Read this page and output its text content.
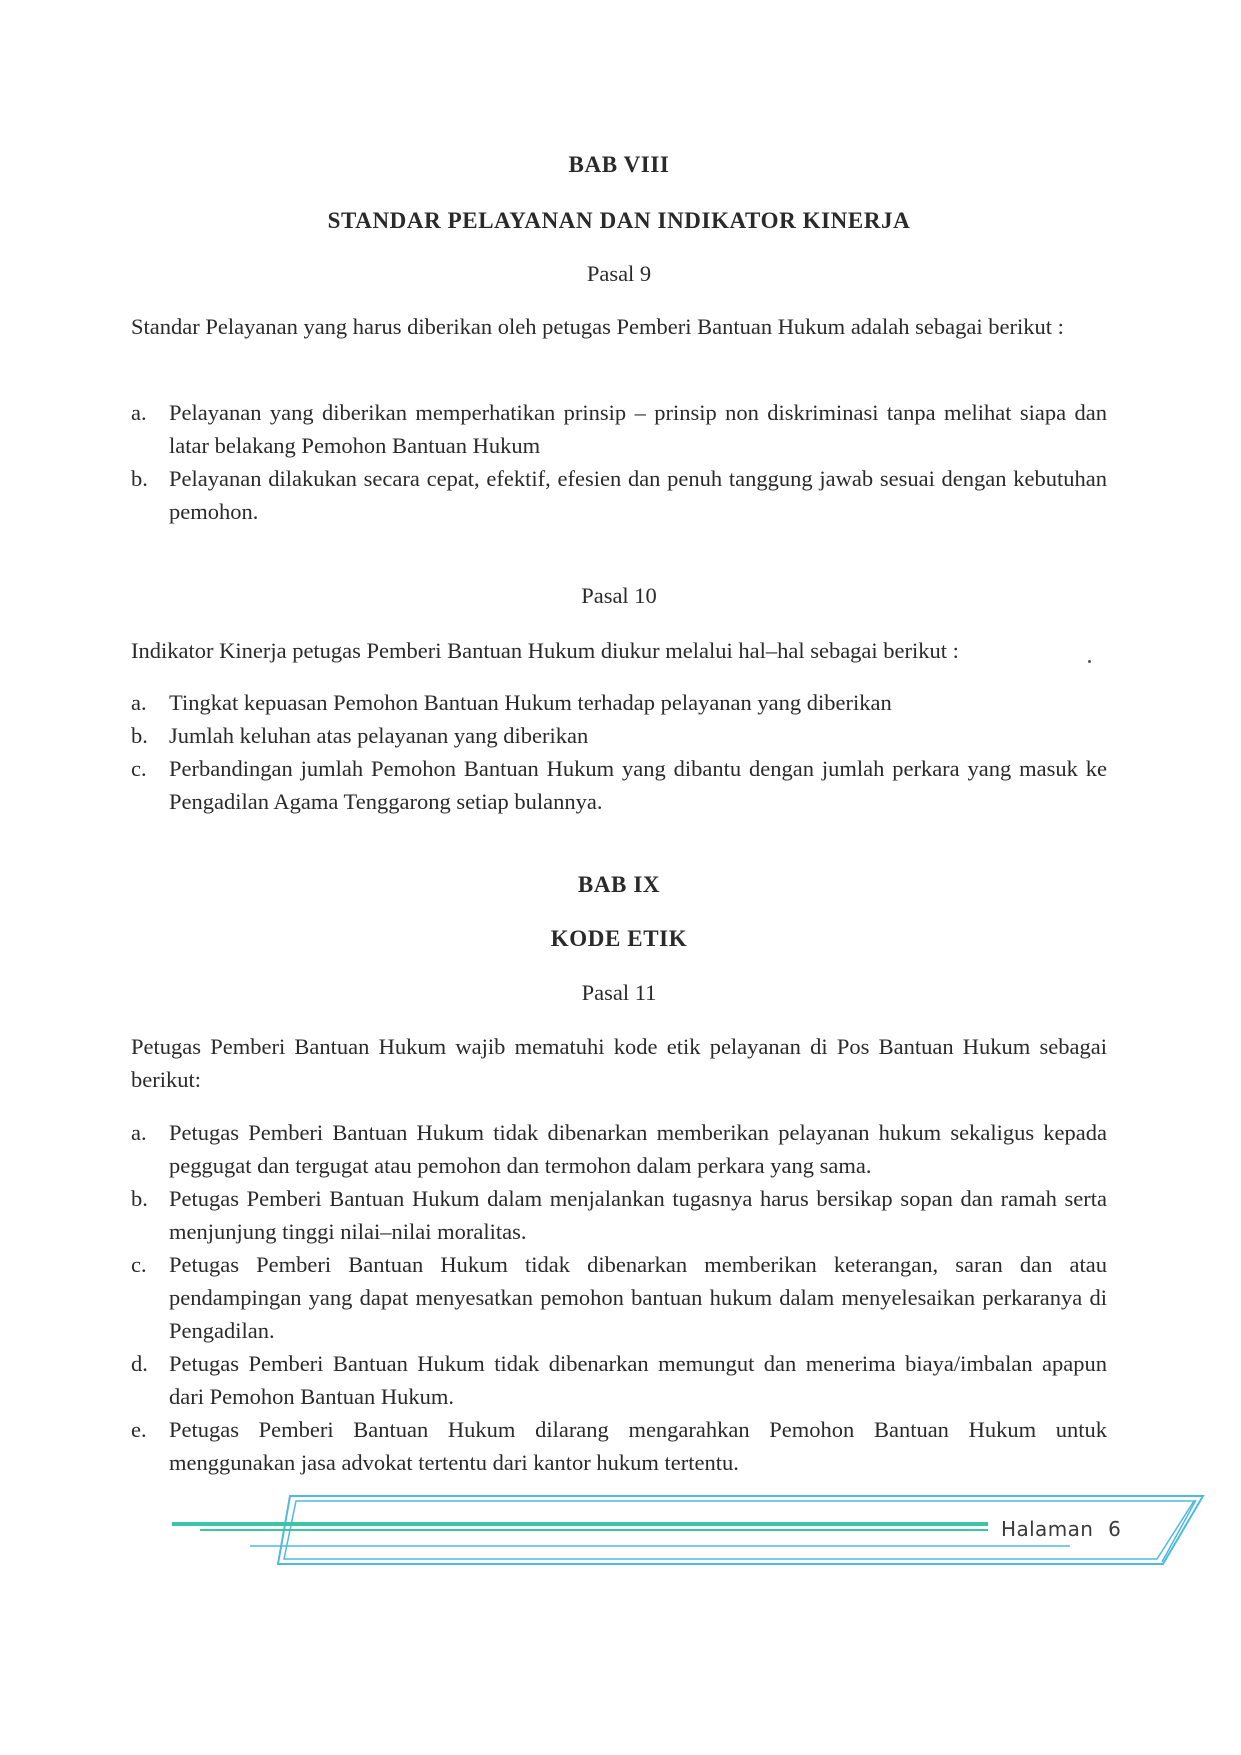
BAB VIII
STANDAR PELAYANAN DAN INDIKATOR KINERJA
Pasal 9
Standar Pelayanan yang harus diberikan oleh petugas Pemberi Bantuan Hukum adalah sebagai berikut :
a. Pelayanan yang diberikan memperhatikan prinsip – prinsip non diskriminasi tanpa melihat siapa dan latar belakang Pemohon Bantuan Hukum
b. Pelayanan dilakukan secara cepat, efektif, efesien dan penuh tanggung jawab sesuai dengan kebutuhan pemohon.
Pasal 10
Indikator Kinerja petugas Pemberi Bantuan Hukum diukur melalui hal–hal sebagai berikut :
a. Tingkat kepuasan Pemohon Bantuan Hukum terhadap pelayanan yang diberikan
b. Jumlah keluhan atas pelayanan yang diberikan
c. Perbandingan jumlah Pemohon Bantuan Hukum yang dibantu dengan jumlah perkara yang masuk ke Pengadilan Agama Tenggarong setiap bulannya.
BAB IX
KODE ETIK
Pasal 11
Petugas Pemberi Bantuan Hukum wajib mematuhi kode etik pelayanan di Pos Bantuan Hukum sebagai berikut:
a. Petugas Pemberi Bantuan Hukum tidak dibenarkan memberikan pelayanan hukum sekaligus kepada peggugat dan tergugat atau pemohon dan termohon dalam perkara yang sama.
b. Petugas Pemberi Bantuan Hukum dalam menjalankan tugasnya harus bersikap sopan dan ramah serta menjunjung tinggi nilai–nilai moralitas.
c. Petugas Pemberi Bantuan Hukum tidak dibenarkan memberikan keterangan, saran dan atau pendampingan yang dapat menyesatkan pemohon bantuan hukum dalam menyelesaikan perkaranya di Pengadilan.
d. Petugas Pemberi Bantuan Hukum tidak dibenarkan memungut dan menerima biaya/imbalan apapun dari Pemohon Bantuan Hukum.
e. Petugas Pemberi Bantuan Hukum dilarang mengarahkan Pemohon Bantuan Hukum untuk menggunakan jasa advokat tertentu dari kantor hukum tertentu.
Halaman 6
